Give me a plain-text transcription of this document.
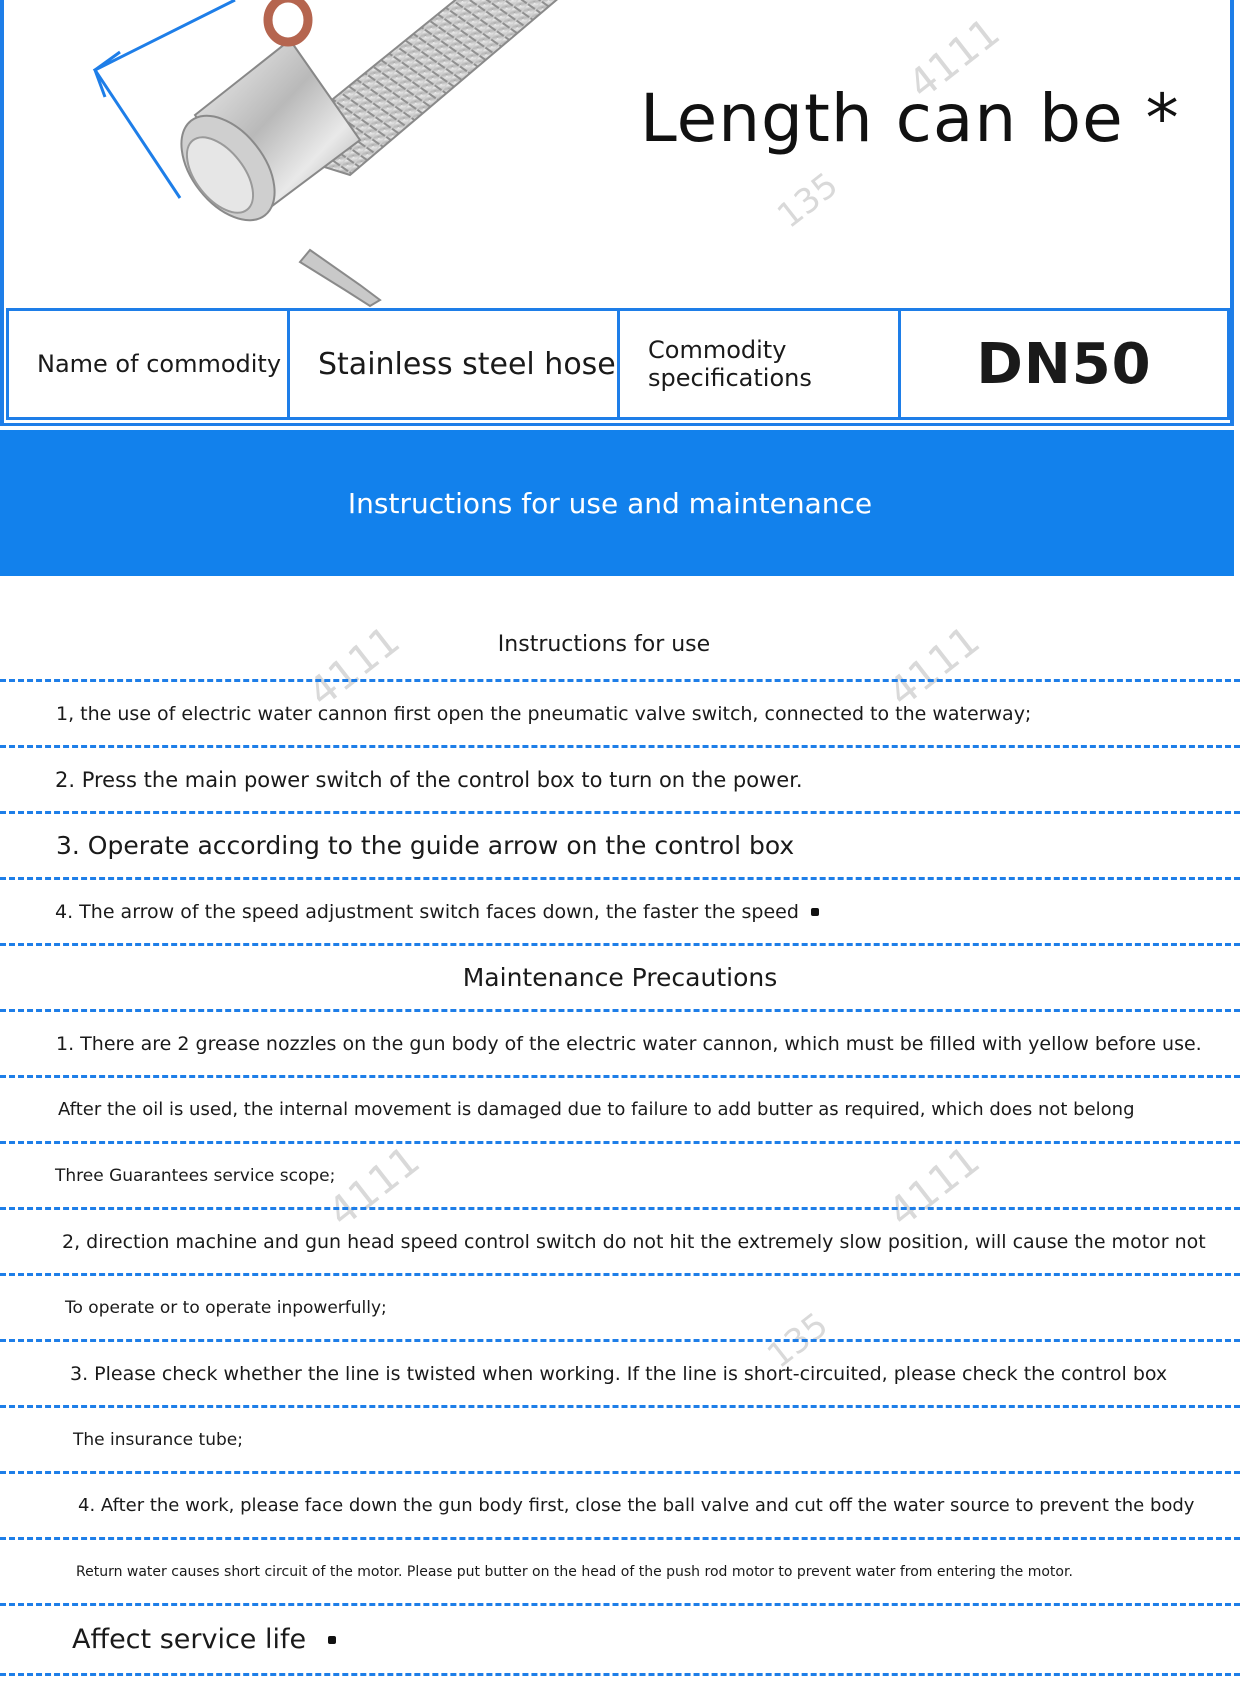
Length can be *
4111
135
Name of commodity	Stainless steel hose	Commodity specifications	DN50
Instructions for use and maintenance
4111	4111
4111	4111
135
Instructions for use
1, the use of electric water cannon first open the pneumatic valve switch, connected to the waterway;
2. Press the main power switch of the control box to turn on the power.
3. Operate according to the guide arrow on the control box
4. The arrow of the speed adjustment switch faces down, the faster the speed
Maintenance Precautions
1. There are 2 grease nozzles on the gun body of the electric water cannon, which must be filled with yellow before use.
After the oil is used, the internal movement is damaged due to failure to add butter as required, which does not belong
Three Guarantees service scope;
2, direction machine and gun head speed control switch do not hit the extremely slow position, will cause the motor not
To operate or to operate inpowerfully;
3. Please check whether the line is twisted when working. If the line is short-circuited, please check the control box
The insurance tube;
4. After the work, please face down the gun body first, close the ball valve and cut off the water source to prevent the body
Return water causes short circuit of the motor. Please put butter on the head of the push rod motor to prevent water from entering the motor.
Affect service life
